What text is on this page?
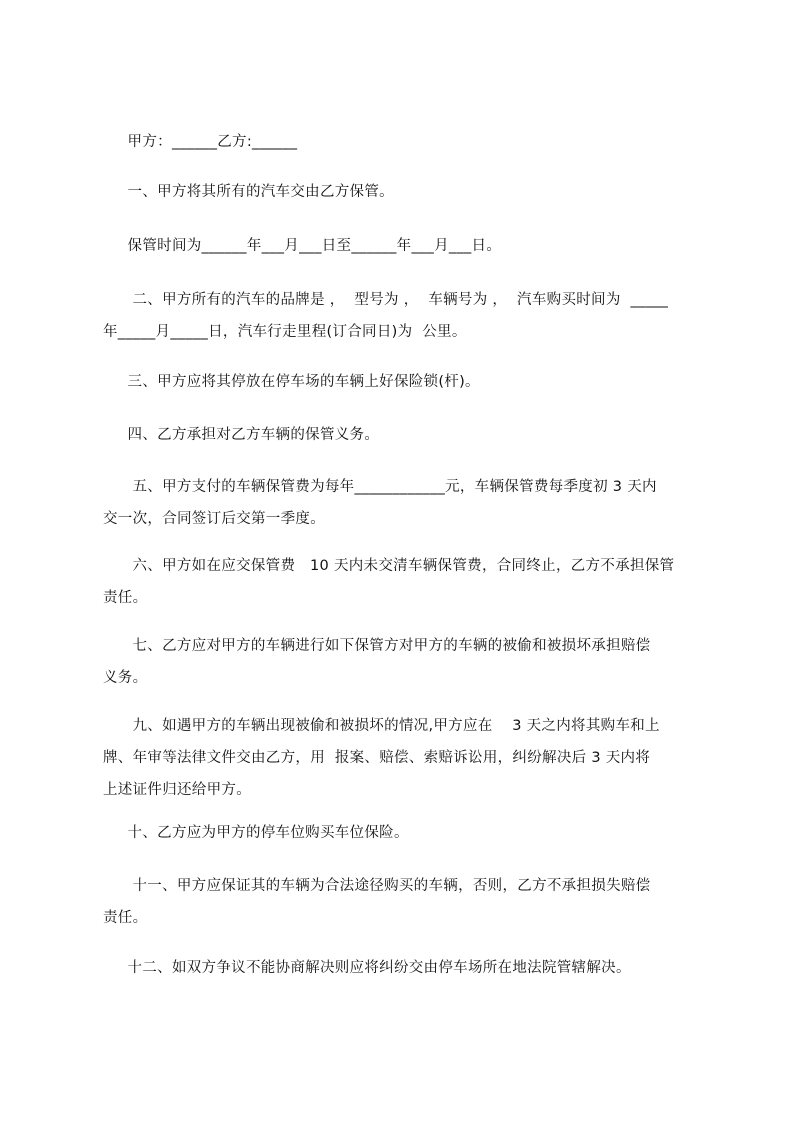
甲方：______乙方:______

一、甲方将其所有的汽车交由乙方保管。

保管时间为______年___月___日至______年___月___日。

二、甲方所有的汽车的品牌是 ，  型号为 ，  车辆号为 ，  汽车购买时间为  _____
年_____月_____日，汽车行走里程(订合同日)为  公里。

三、甲方应将其停放在停车场的车辆上好保险锁(杆)。

四、乙方承担对乙方车辆的保管义务。

五、甲方支付的车辆保管费为每年____________元，车辆保管费每季度初 3 天内
交一次，合同签订后交第一季度。

六、甲方如在应交保管费   10 天内未交清车辆保管费，合同终止，乙方不承担保管
责任。

七、乙方应对甲方的车辆进行如下保管方对甲方的车辆的被偷和被损坏承担赔偿
义务。

九、如遇甲方的车辆出现被偷和被损坏的情况,甲方应在    3 天之内将其购车和上
牌、年审等法律文件交由乙方，用  报案、赔偿、索赔诉讼用，纠纷解决后 3 天内将
上述证件归还给甲方。

十、乙方应为甲方的停车位购买车位保险。

十一、甲方应保证其的车辆为合法途径购买的车辆，否则，乙方不承担损失赔偿
责任。

十二、如双方争议不能协商解决则应将纠纷交由停车场所在地法院管辖解决。
